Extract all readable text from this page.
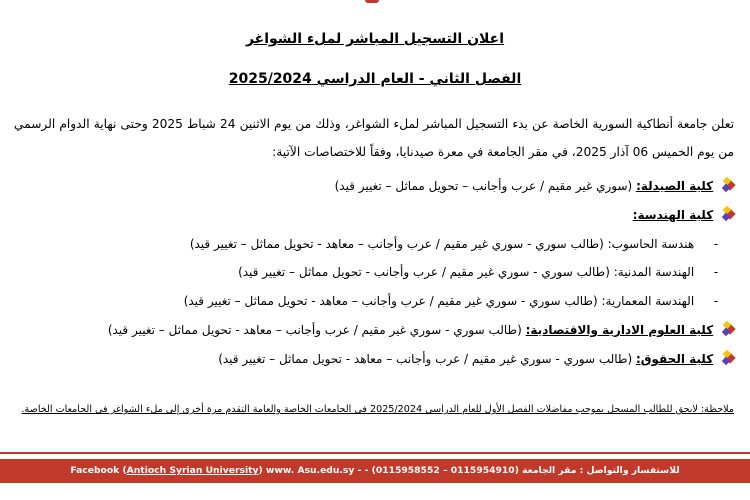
اعلان التسجيل المباشر لملء الشواغر
الفصل الثاني - العام الدراسي 2025/2024
تعلن جامعة أنطاكية السورية الخاصة عن بدء التسجيل المباشر لملء الشواغر، وذلك من يوم الاثنين 24 شباط 2025 وحتى نهاية الدوام الرسمي من يوم الخميس 06 آذار 2025، في مقر الجامعة في معرة صيدنايا، وفقاً للاختصاصات الآتية:
كلية الصيدلة: (سوري غير مقيم / عرب وأجانب – تحويل مماثل – تغيير قيد)
كلية الهندسة:
- هندسة الحاسوب: (طالب سوري - سوري غير مقيم / عرب وأجانب – معاهد - تحويل مماثل – تغيير قيد)
- الهندسة المدنية: (طالب سوري - سوري غير مقيم / عرب وأجانب - تحويل مماثل – تغيير قيد)
- الهندسة المعمارية: (طالب سوري - سوري غير مقيم / عرب وأجانب – معاهد - تحويل مماثل – تغيير قيد)
كلية العلوم الادارية والاقتصادية: (طالب سوري - سوري غير مقيم / عرب وأجانب – معاهد - تحويل مماثل – تغيير قيد)
كلية الحقوق: (طالب سوري - سوري غير مقيم / عرب وأجانب – معاهد - تحويل مماثل – تغيير قيد)
ملاحظة: لايحق للطالب المسجل بموجب مفاضلات الفصل الأول للعام الدراسي 2025/2024 في الجامعات الخاصة والعامة التقدم مرة أخرى إلى ملء الشواغر في الجامعات الخاصة.
للاستفسار والتواصل : مقر الجامعة (0115954910 – 0115958552) - www. Asu.edu.sy - Facebook (Antioch Syrian University)
